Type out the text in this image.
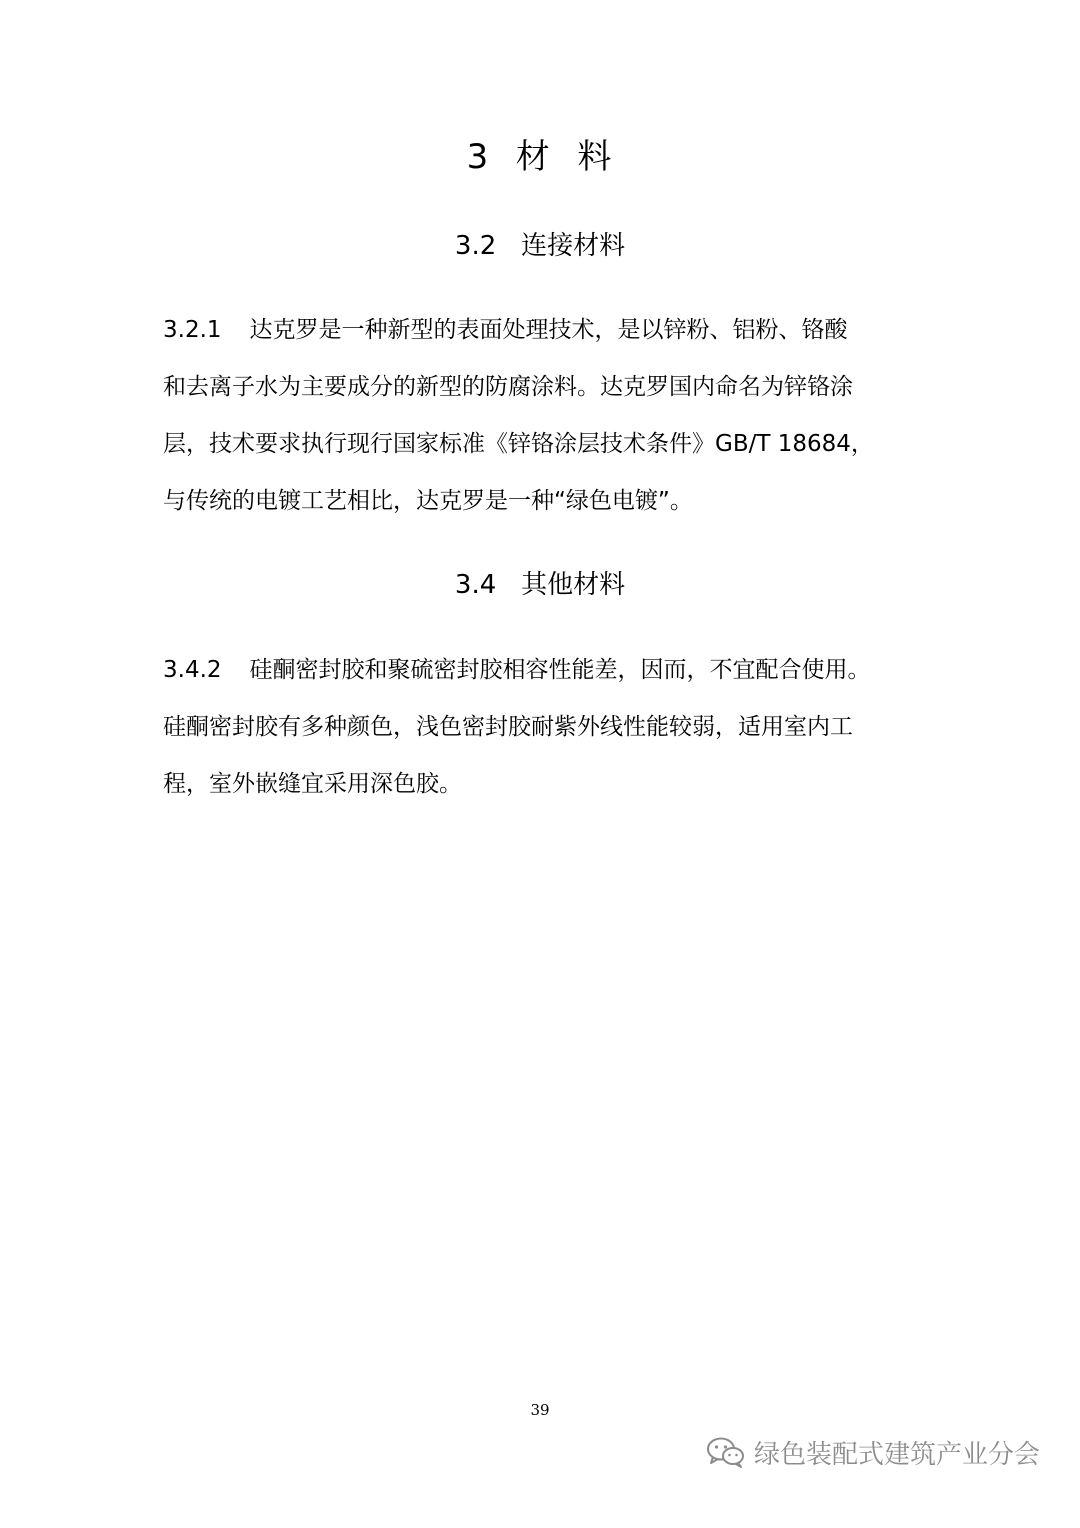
3  材  料
3.2   连接材料
3.2.1 达克罗是一种新型的表面处理技术，是以锌粉、铝粉、铬酸
和去离子水为主要成分的新型的防腐涂料。达克罗国内命名为锌铬涂
层，技术要求执行现行国家标准《锌铬涂层技术条件》GB/T 18684，
与传统的电镀工艺相比，达克罗是一种“绿色电镀”。
3.4   其他材料
3.4.2 硅酮密封胶和聚硫密封胶相容性能差，因而，不宜配合使用。
硅酮密封胶有多种颜色，浅色密封胶耐紫外线性能较弱，适用室内工
程，室外嵌缝宜采用深色胶。
39
绿色装配式建筑产业分会
